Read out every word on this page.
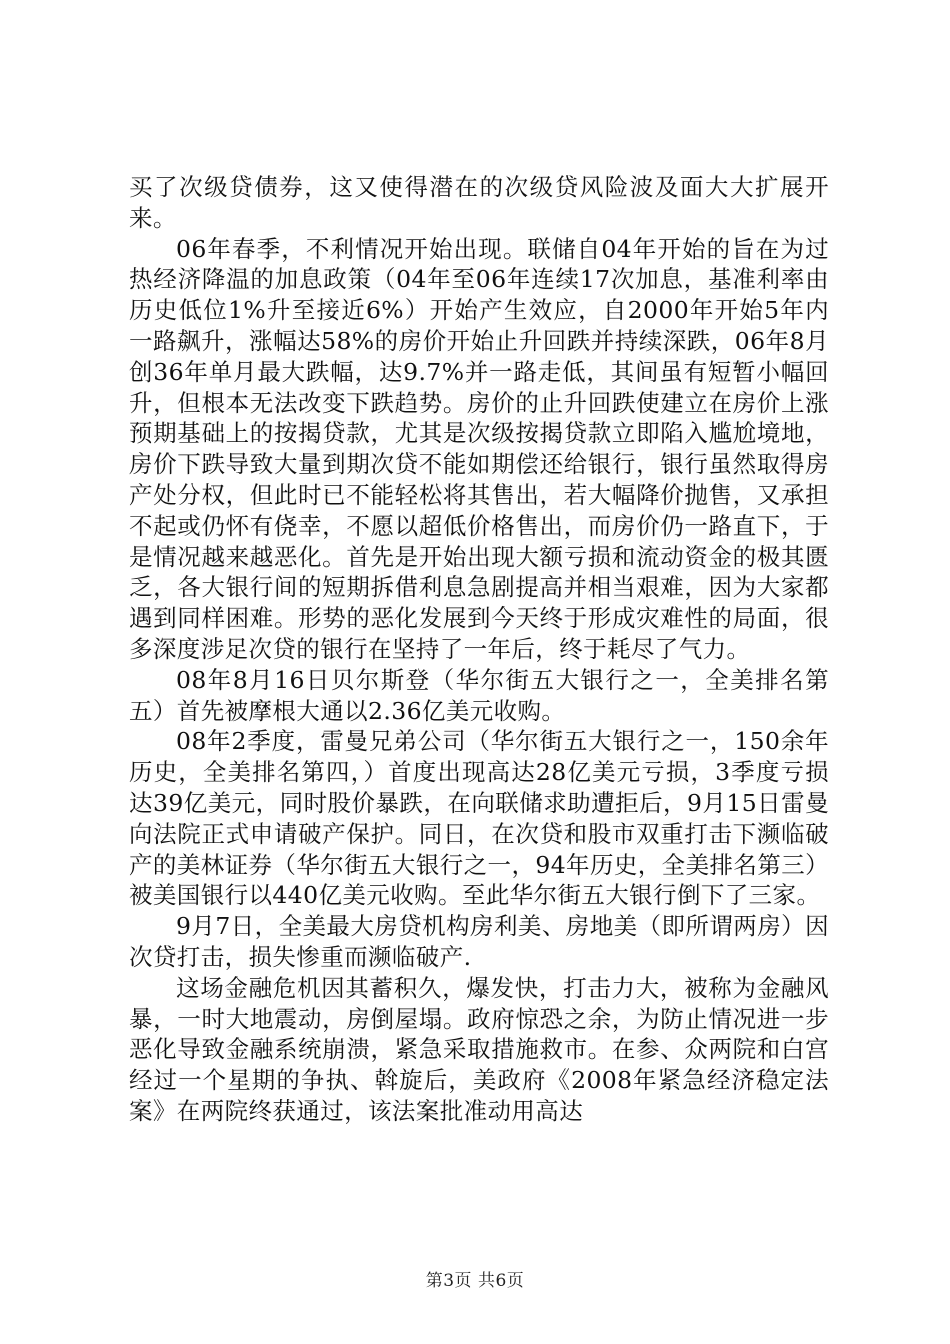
买了次级贷债券，这又使得潜在的次级贷风险波及面大大扩展开来。

06年春季，不利情况开始出现。联储自04年开始的旨在为过热经济降温的加息政策（04年至06年连续17次加息，基准利率由历史低位1%升至接近6%）开始产生效应，自2000年开始5年内一路飙升，涨幅达58%的房价开始止升回跌并持续深跌，06年8月创36年单月最大跌幅，达9.7%并一路走低，其间虽有短暂小幅回升，但根本无法改变下跌趋势。房价的止升回跌使建立在房价上涨预期基础上的按揭贷款，尤其是次级按揭贷款立即陷入尴尬境地，房价下跌导致大量到期次贷不能如期偿还给银行，银行虽然取得房产处分权，但此时已不能轻松将其售出，若大幅降价抛售，又承担不起或仍怀有侥幸，不愿以超低价格售出，而房价仍一路直下，于是情况越来越恶化。首先是开始出现大额亏损和流动资金的极其匮乏，各大银行间的短期拆借利息急剧提高并相当艰难，因为大家都遇到同样困难。形势的恶化发展到今天终于形成灾难性的局面，很多深度涉足次贷的银行在坚持了一年后，终于耗尽了气力。

08年8月16日贝尔斯登（华尔街五大银行之一，全美排名第五）首先被摩根大通以2.36亿美元收购。

08年2季度，雷曼兄弟公司（华尔街五大银行之一，150余年历史，全美排名第四，）首度出现高达28亿美元亏损，3季度亏损达39亿美元，同时股价暴跌，在向联储求助遭拒后，9月15日雷曼向法院正式申请破产保护。同日，在次贷和股市双重打击下濒临破产的美林证券（华尔街五大银行之一，94年历史，全美排名第三）被美国银行以440亿美元收购。至此华尔街五大银行倒下了三家。

9月7日，全美最大房贷机构房利美、房地美（即所谓两房）因次贷打击，损失惨重而濒临破产.

这场金融危机因其蓄积久，爆发快，打击力大，被称为金融风暴，一时大地震动，房倒屋塌。政府惊恐之余，为防止情况进一步恶化导致金融系统崩溃，紧急采取措施救市。在参、众两院和白宫经过一个星期的争执、斡旋后，美政府《2008年紧急经济稳定法案》在两院终获通过，该法案批准动用高达

第3页 共6页
